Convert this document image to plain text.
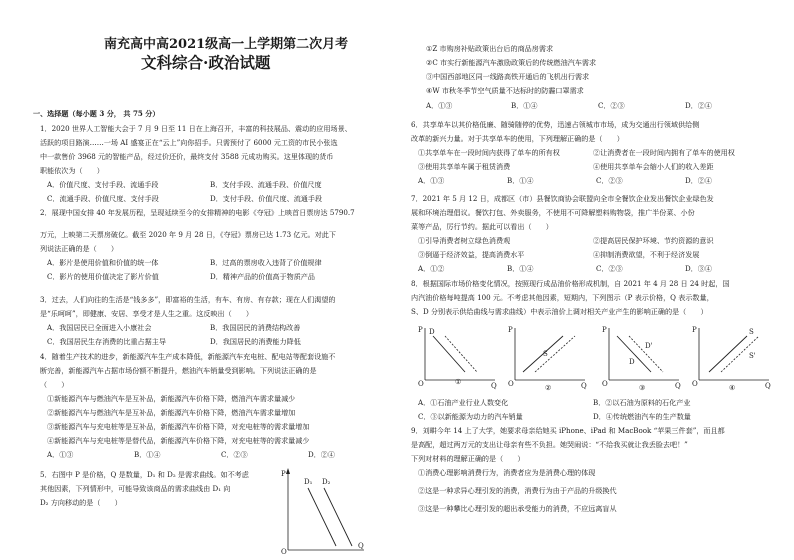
南充高中高2021级高一上学期第二次月考
文科综合·政治试题
一、选择题（每小题 3 分， 共 75 分）
1．2020 世界人工智能大会于 7 月 9 日至 11 日在上海召开，丰富的科技展品、震动的应用场景、
活跃的项目路演……一场 AI 盛宴正在“云上”向你招手。只需预付了 6000 元工资的市民小张选
中一款售价 3968 元的智能产品，经过价还价，最终支付 3588 元成功购买。这里体现的货币
职能依次为（　　）
A．价值尺度、支付手段、流通手段	B．支付手段、流通手段、价值尺度
C．流通手段、价值尺度、支付手段	D．支付手段、价值尺度、流通手段
2．展现中国女排 40 年发展历程，呈现延续至今的女排精神的电影《夺冠》上映首日票房达 5790.7
万元，上映第二天票房破亿。截至 2020 年 9 月 28 日，《夺冠》票房已达 1.73 亿元。对此下
列说法正确的是（　　）
A．影片是使用价值和价值的统一体	B．过高的票房收入违背了价值规律
C．影片的使用价值决定了影片价值	D．精神产品的价值高于物质产品
3．过去，人们向往的生活是“钱多多”，即富裕的生活，有车、有房、有存款；现在人们渴望的
是“乐呵呵”，即健康、安居、享受才是人生之重。这反映出（　　）
A．我国居民已全面进入小康社会	B．我国居民的消费结构改善
C．我国居民生存消费的比重占据主导	D．我国居民的消费能力降低
4．随着生产技术的进步，新能源汽车生产成本降低，新能源汽车充电桩、配电站等配套设施不
断完善，新能源汽车占据市场份额不断提升，燃油汽车销量受到影响。下列说法正确的是
（　　）
①新能源汽车与燃油汽车是互补品，新能源汽车价格下降，燃油汽车需求量减少
②新能源汽车与燃油汽车是互补品，新能源汽车价格下降，燃油汽车需求量增加
③新能源汽车与充电桩等是互补品，新能源汽车价格下降，对充电桩等的需求量增加
④新能源汽车与充电桩等是替代品，新能源汽车价格下降，对充电桩等的需求量减少
A．①③	B．①④	C．②③	D．②④
5．右图中 P 是价格，Q 是数量，D₁ 和 D₂ 是需求曲线。如不考虑
其他因素，下列情形中，可能导致该商品的需求曲线由 D₁ 向
D₂ 方向移动的是（　　）
P
O
Q
D₁ D₂
①Z 市购房补贴政策出台后的商品房需求
②C 市实行新能源汽车激励政策后的传统燃油汽车需求
③中国西部地区同一线路高铁开通后的飞机出行需求
④W 市秋冬季节空气质量不达标时的防霾口罩需求
A．①③	B．①④	C．②③	D．②④
6．共享单车以其价格低廉、随骑随停的优势，迅速占领城市市场，成为交通出行领域供给侧
改革的新兴力量。对于共享单车的使用，下列理解正确的是（　　）
①共享单车在一段时间内获得了单车的所有权	②让消费者在一段时间内拥有了单车的使用权
③使用共享单车属于租赁消费	④使用共享单车会缩小人们的收入差距
A．①③	B．①④	C．②③	D．②④
7．2021 年 5 月 12 日，成都区（市）县餐饮商协会联盟向全市全餐饮企业发出餐饮企业绿色发
展和环境治理倡议。餐饮打包、外卖服务，不使用不可降解塑料购物袋，推广半份菜、小份
菜等产品，厉行节约。据此可以看出（　　）
①引导消费者树立绿色消费观	②提高居民保护环境、节约资源的意识
③倒逼于经济效益，提高消费水平	④抑制消费欲望，不利于经济发展
A．①②	B．①④	C．②③	D．③④
8．根据国际市场价格变化情况，按照现行成品油价格形成机制，自 2021 年 4 月 28 日 24 时起，国
内汽油价格每吨提高 100 元。不考虑其他因素，短期内，下列图示（P 表示价格，Q 表示数量，
S、D 分别表示供给曲线与需求曲线）中表示油价上调对相关产业产生的影响正确的是（　　）
P
O	Q
D
①
P
O	Q
S
②
P
O	Q
D'
D
③
P
O	Q
S
S'
④
A．①石油产业行业人数变化	B．②以石油为原料的石化产业
C．③以新能源为动力的汽车销量	D．④传统燃油汽车的生产数量
9．刘畊今年 14 上了大学，她要求母亲给她买 iPhone、iPad 和 MacBook “苹果三件套”，而且都
是高配，超过两万元的支出让母亲有些不负担。她哭闹说：“不给我买就让我丢脸去吧！”
下列对材料的理解正确的是（　　）
①消费心理影响消费行为，消费者应为是消费心理的体现
②这是一种求异心理引发的消费，消费行为由于产品的升级换代
③这是一种攀比心理引发的超出承受能力的消费，不应远离盲从
